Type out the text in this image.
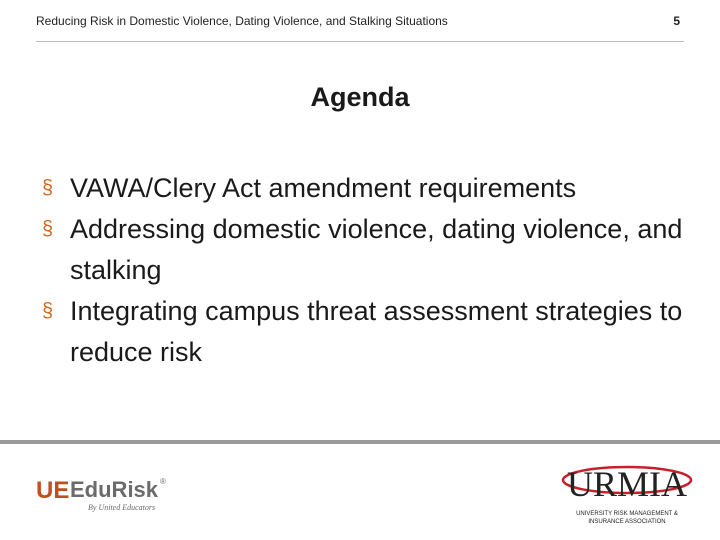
Reducing Risk in Domestic Violence, Dating Violence, and Stalking Situations	5
Agenda
§ VAWA/Clery Act amendment requirements
§ Addressing domestic violence, dating violence, and stalking
§ Integrating campus threat assessment strategies to reduce risk
UE EduRisk ®
By United Educators
URMIA
UNIVERSITY RISK MANAGEMENT &
INSURANCE ASSOCIATION
